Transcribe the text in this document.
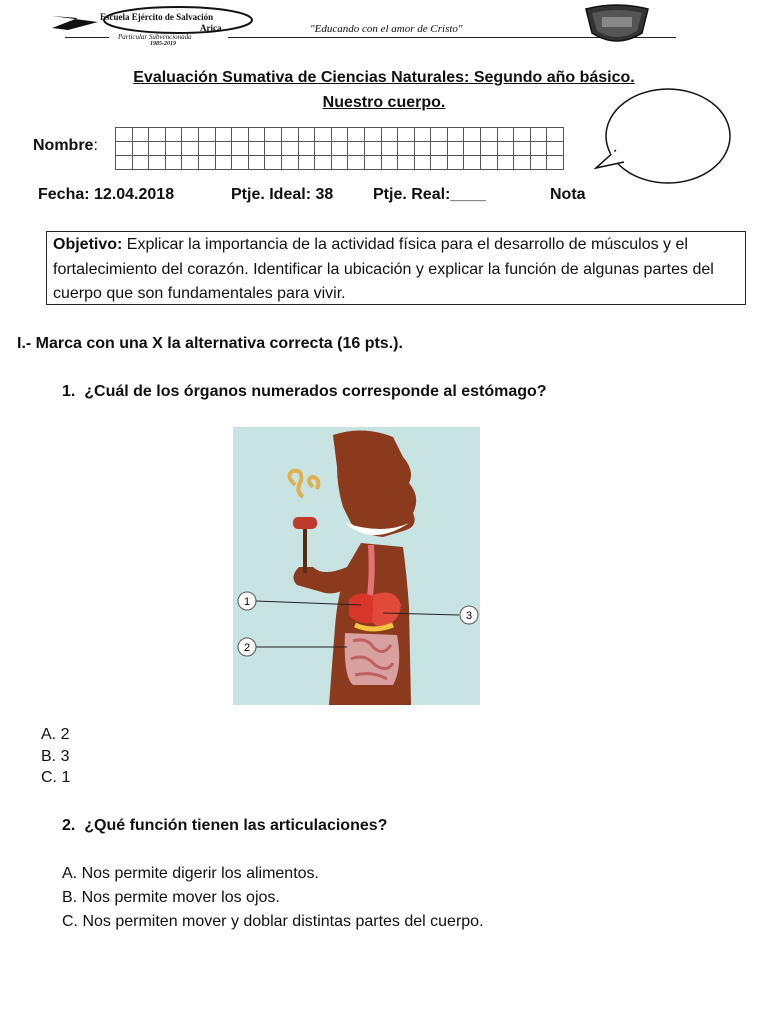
Escuela Ejército de Salvación
Arica
Particular Subvencionada
1985-2019
"Educando con el amor de Cristo"
Evaluación Sumativa de Ciencias Naturales: Segundo año básico.
Nuestro cuerpo.
Nombre:

Fecha: 12.04.2018	Ptje. Ideal: 38 Ptje. Real:____	Nota
Objetivo: Explicar la importancia de la actividad física para el desarrollo de músculos y el fortalecimiento del corazón. Identificar la ubicación y explicar la función de algunas partes del cuerpo que son fundamentales para vivir.
I.- Marca con una X la alternativa correcta (16 pts.).
1. ¿Cuál de los órganos numerados corresponde al estómago?
1
3
2
A. 2
B. 3
C. 1
2. ¿Qué función tienen las articulaciones?
A. Nos permite digerir los alimentos.
B. Nos permite mover los ojos.
C. Nos permiten mover y doblar distintas partes del cuerpo.
